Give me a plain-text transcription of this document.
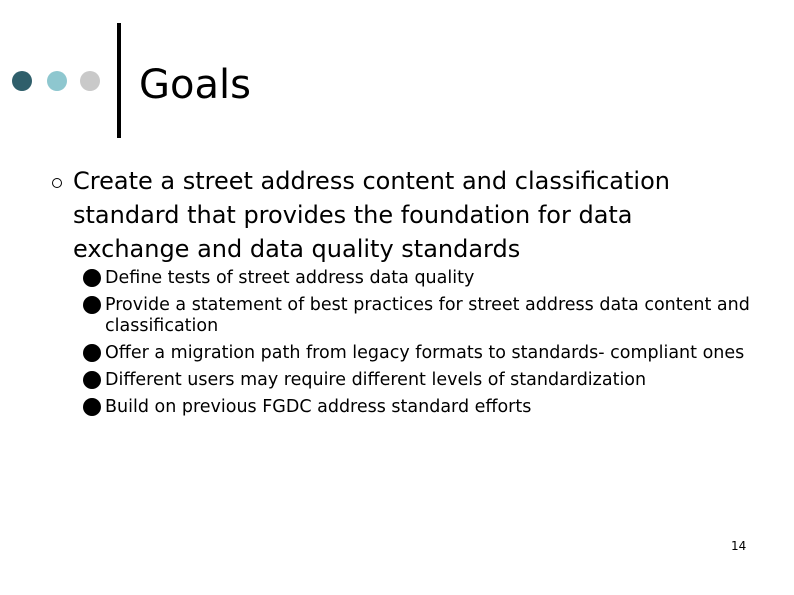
Goals
Create a street address content and classification standard that provides the foundation for data exchange and data quality standards
Define tests of street address data quality
Provide a statement of best practices for street address data content and classification
Offer a migration path from legacy formats to standards- compliant ones
Different users may require different levels of standardization
Build on previous FGDC address standard efforts
14
